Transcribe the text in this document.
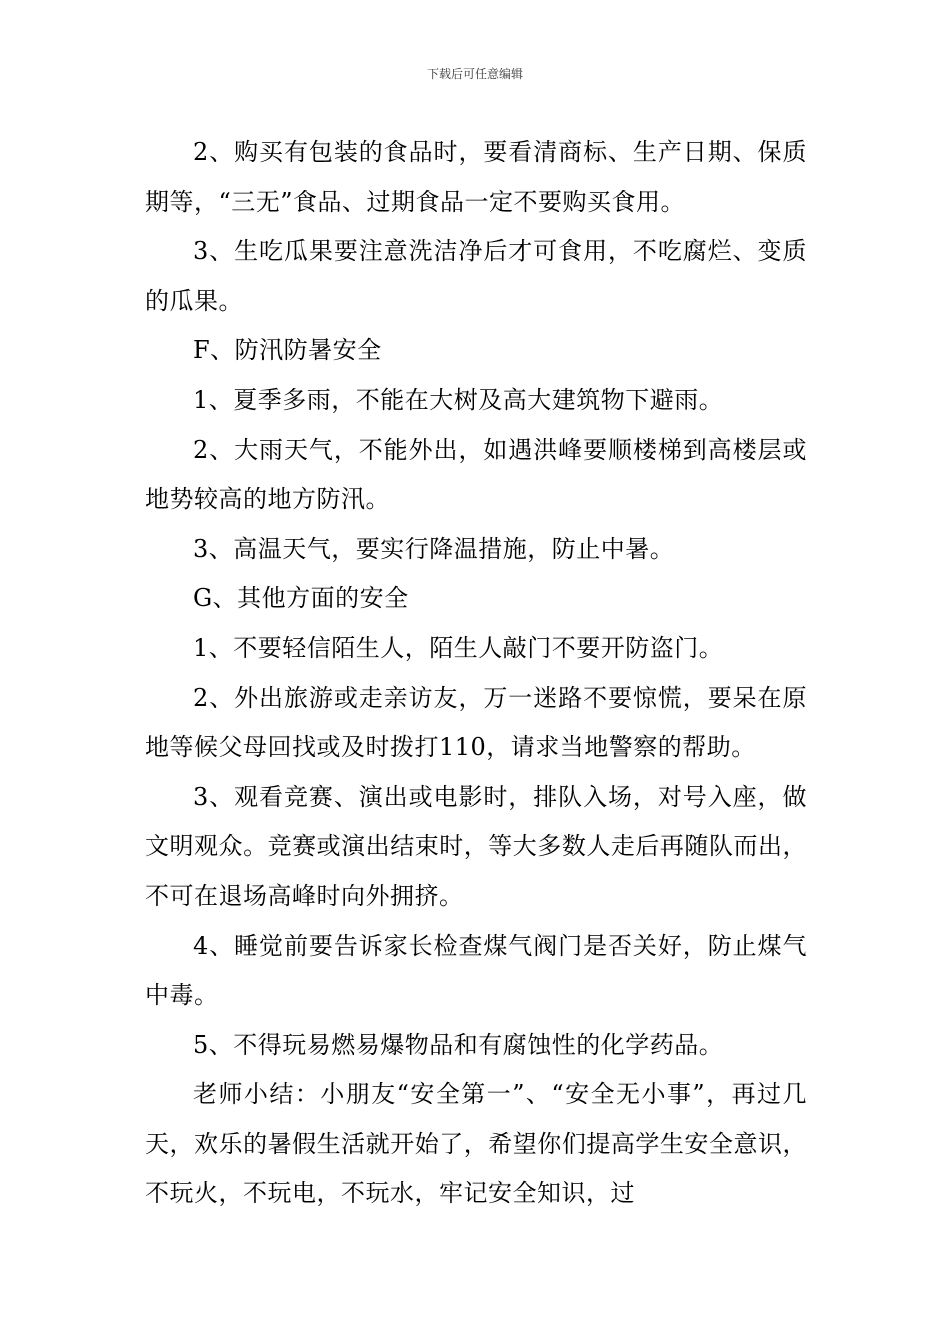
下载后可任意编辑

2、购买有包装的食品时，要看清商标、生产日期、保质期等，“三无”食品、过期食品一定不要购买食用。

3、生吃瓜果要注意洗洁净后才可食用，不吃腐烂、变质的瓜果。

F、防汛防暑安全

1、夏季多雨，不能在大树及高大建筑物下避雨。

2、大雨天气，不能外出，如遇洪峰要顺楼梯到高楼层或地势较高的地方防汛。

3、高温天气，要实行降温措施，防止中暑。

G、其他方面的安全

1、不要轻信陌生人，陌生人敲门不要开防盗门。

2、外出旅游或走亲访友，万一迷路不要惊慌，要呆在原地等候父母回找或及时拨打110，请求当地警察的帮助。

3、观看竞赛、演出或电影时，排队入场，对号入座，做文明观众。竞赛或演出结束时，等大多数人走后再随队而出，不可在退场高峰时向外拥挤。

4、睡觉前要告诉家长检查煤气阀门是否关好，防止煤气中毒。

5、不得玩易燃易爆物品和有腐蚀性的化学药品。

老师小结：小朋友“安全第一”、“安全无小事”，再过几天，欢乐的暑假生活就开始了，希望你们提高学生安全意识，不玩火，不玩电，不玩水，牢记安全知识，过
